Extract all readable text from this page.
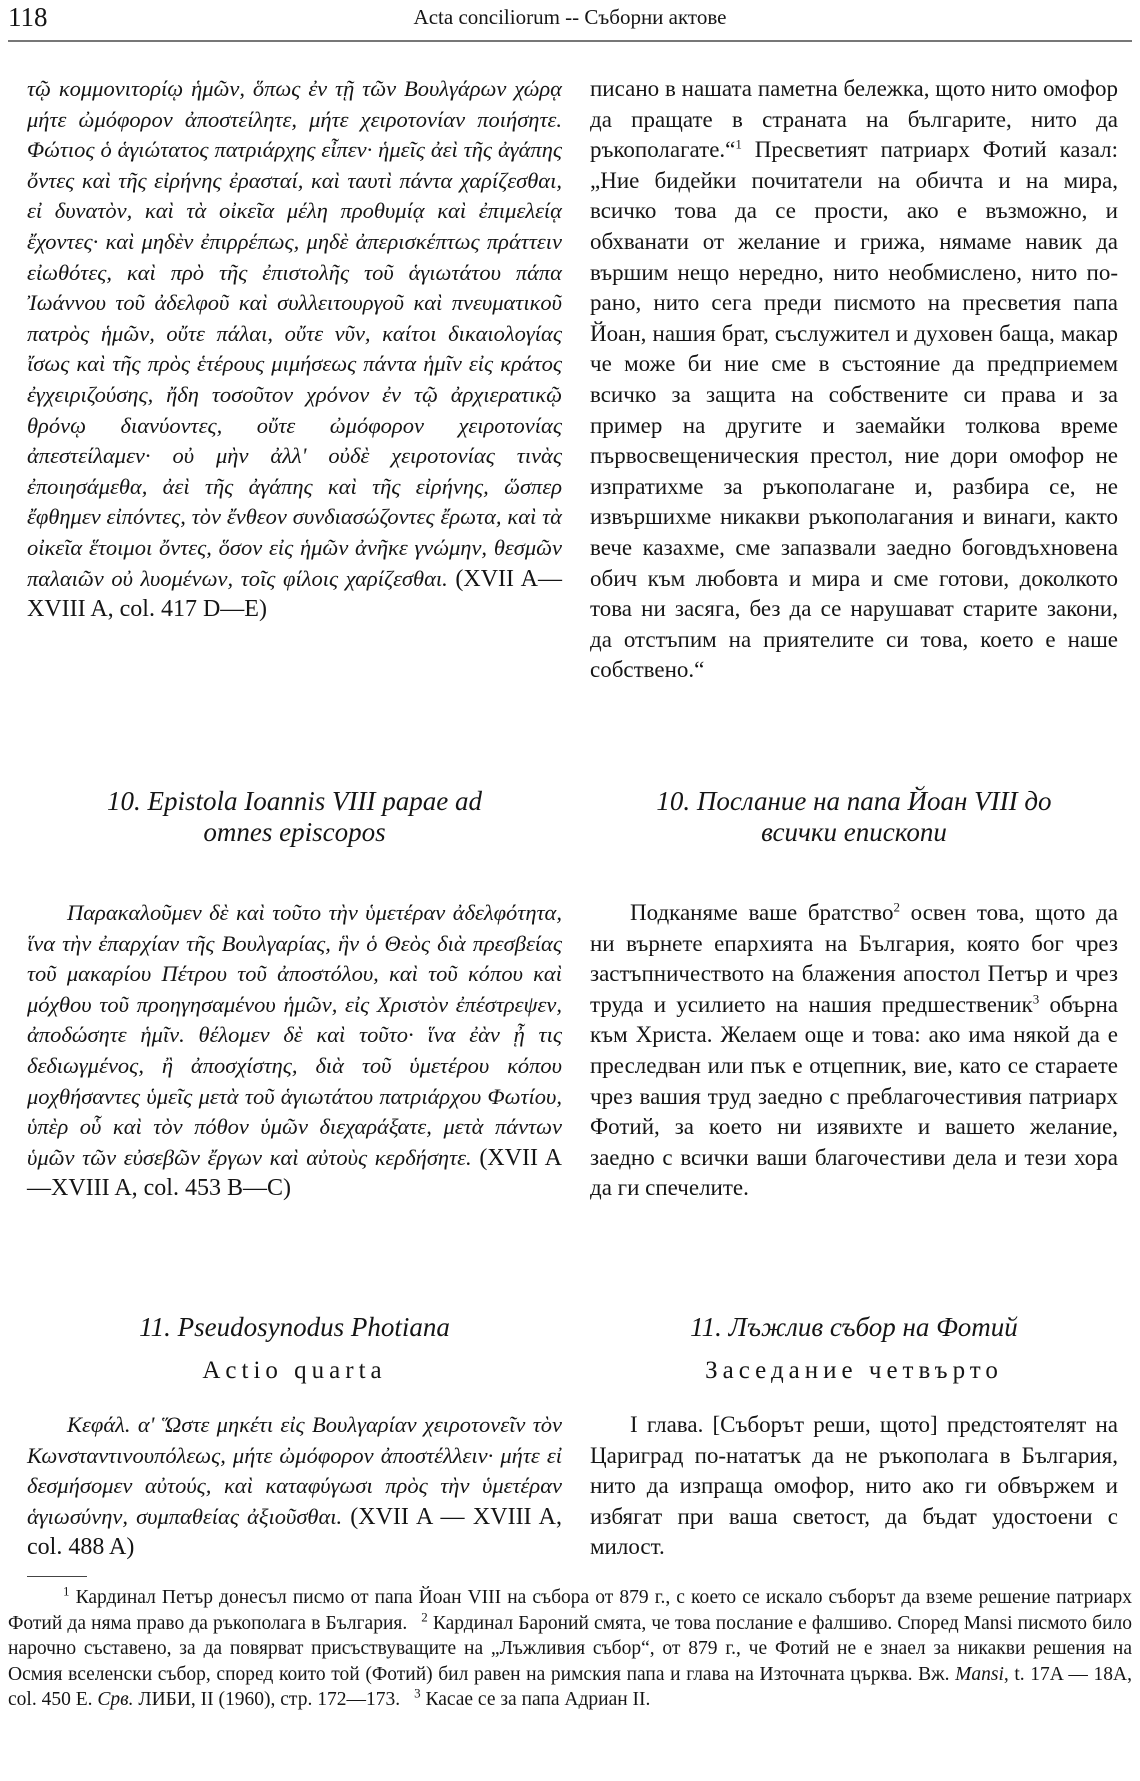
118	Acta conciliorum -- Съборни актове

τῷ κομμονιτορίῳ ἡμῶν, ὅπως ἐν τῇ τῶν Βουλγάρων χώρᾳ μήτε ὠμόφορον ἀποστείλητε, μήτε χειροτονίαν ποιήσητε. Φώτιος ὁ ἁγιώτατος πατριάρχης εἶπεν· ἡμεῖς ἀεὶ τῆς ἀγάπης ὄντες καὶ τῆς εἰρήνης ἐρασταί, καὶ ταυτὶ πάντα χαρίζεσθαι, εἰ δυνατὸν, καὶ τὰ οἰκεῖα μέλη προθυμίᾳ καὶ ἐπιμελείᾳ ἔχοντες· καὶ μηδὲν ἐπιρρέπως, μηδὲ ἀπερισκέπτως πράττειν εἰωθότες, καὶ πρὸ τῆς ἐπιστολῆς τοῦ ἁγιωτάτου πάπα Ἰωάννου τοῦ ἀδελφοῦ καὶ συλλειτουργοῦ καὶ πνευματικοῦ πατρὸς ἡμῶν, οὔτε πάλαι, οὔτε νῦν, καίτοι δικαιολογίας ἴσως καὶ τῆς πρὸς ἑτέρους μιμήσεως πάντα ἡμῖν εἰς κράτος ἐγχειριζούσης, ἤδη τοσοῦτον χρόνον ἐν τῷ ἀρχιερατικῷ θρόνῳ διανύοντες, οὔτε ὠμόφορον χειροτονίας ἀπεστείλαμεν· οὐ μὴν ἀλλ' οὐδὲ χειροτονίας τινὰς ἐποιησάμεθα, ἀεὶ τῆς ἀγάπης καὶ τῆς εἰρήνης, ὥσπερ ἔφθημεν εἰπόντες, τὸν ἔνθεον συνδιασώζοντες ἔρωτα, καὶ τὰ οἰκεῖα ἕτοιμοι ὄντες, ὅσον εἰς ἡμῶν ἀνῆκε γνώμην, θεσμῶν παλαιῶν οὐ λυομένων, τοῖς φίλοις χαρίζεσθαι. (XVII A—XVIII A, col. 417 D—E)

10. Epistola Ioannis VIII papae ad
omnes episcopos

Παρακαλοῦμεν δὲ καὶ τοῦτο τὴν ὑμετέραν ἀδελφότητα, ἵνα τὴν ἐπαρχίαν τῆς Βουλγαρίας, ἣν ὁ Θεὸς διὰ πρεσβείας τοῦ μακαρίου Πέτρου τοῦ ἀποστόλου, καὶ τοῦ κόπου καὶ μόχθου τοῦ προηγησαμένου ἡμῶν, εἰς Χριστὸν ἐπέστρεψεν, ἀποδώσητε ἡμῖν. θέλομεν δὲ καὶ τοῦτο· ἵνα ἐὰν ᾖ τις δεδιωγμένος, ἢ ἀποσχίστης, διὰ τοῦ ὑμετέρου κόπου μοχθήσαντες ὑμεῖς μετὰ τοῦ ἁγιωτάτου πατριάρχου Φωτίου, ὑπὲρ οὗ καὶ τὸν πόθον ὑμῶν διεχαράξατε, μετὰ πάντων ὑμῶν τῶν εὐσεβῶν ἔργων καὶ αὐτοὺς κερδήσητε. (XVII A—XVIII A, col. 453 B—C)

11. Pseudosynodus Photiana
Actio quarta

Κεφάλ. α' Ὥστε μηκέτι εἰς Βουλγαρίαν χειροτονεῖν τὸν Κωνσταντινουπόλεως, μήτε ὠμόφορον ἀποστέλλειν· μήτε εἰ δεσμήσομεν αὐτούς, καὶ καταφύγωσι πρὸς τὴν ὑμετέραν ἁγιωσύνην, συμπαθείας ἀξιοῦσθαι. (XVII A — XVIII A, col. 488 A)

писано в нашата паметна бележка, щото нито омофор да пращате в страната на българите, нито да ръкополагате.“$^1$ Пресветият патриарх Фотий казал: „Ние бидейки почитатели на обичта и на мира, всичко това да се прости, ако е възможно, и обхванати от желание и грижа, нямаме навик да вършим нещо нередно, нито необмислено, нито по-рано, нито сега преди писмото на пресветия папа Йоан, нашия брат, съслужител и духовен баща, макар че може би ние сме в състояние да предприемем всичко за защита на собствените си права и за пример на другите и заемайки толкова време първосвещеническия престол, ние дори омофор не изпратихме за ръкополагане и, разбира се, не извършихме никакви ръкополагания и винаги, както вече казахме, сме запазвали заедно боговдъхновена обич към любовта и мира и сме готови, доколкото това ни засяга, без да се нарушават старите закони, да отстъпим на приятелите си това, което е наше собствено.“

10. Послание на папа Йоан VIII до
всички епископи

Подканяме ваше братство$^2$ освен това, щото да ни върнете епархията на България, която бог чрез застъпничеството на блажения апостол Петър и чрез труда и усилието на нашия предшественик$^3$ обърна към Христа. Желаем още и това: ако има някой да е преследван или пък е отцепник, вие, като се старaете чрез вашия труд заедно с преблагочестивия патриарх Фотий, за което ни изявихте и вашето желание, заедно с всички ваши благочестиви дела и тези хора да ги спечелите.

11. Лъжлив събор на Фотий
Заседание четвърто

I глава. [Съборът реши, щото] предстоятелят на Цариград по-нататък да не ръкополага в България, нито да изпраща омофор, нито ако ги обвържем и избягат при ваша светост, да бъдат удостоени с милост.

$^1$ Кардинал Петър донесъл писмо от папа Йоан VIII на събора от 879 г., с което се искало съборът да вземе решение патриарх Фотий да няма право да ръкополага в България. $^2$ Кардинал Бароний смята, че това послание е фалшиво. Според Mansi писмото било нарочно съставено, за да повярват присъствуващите на „Лъжливия събор“, от 879 г., че Фотий не е знаел за никакви решения на Осмия вселенски събор, според които той (Фотий) бил равен на римския папа и глава на Източната църква. Вж. Mansi, t. 17A — 18A, col. 450 E. Срв. ЛИБИ, II (1960), стр. 172—173. $^3$ Касае се за папа Адриан II.
